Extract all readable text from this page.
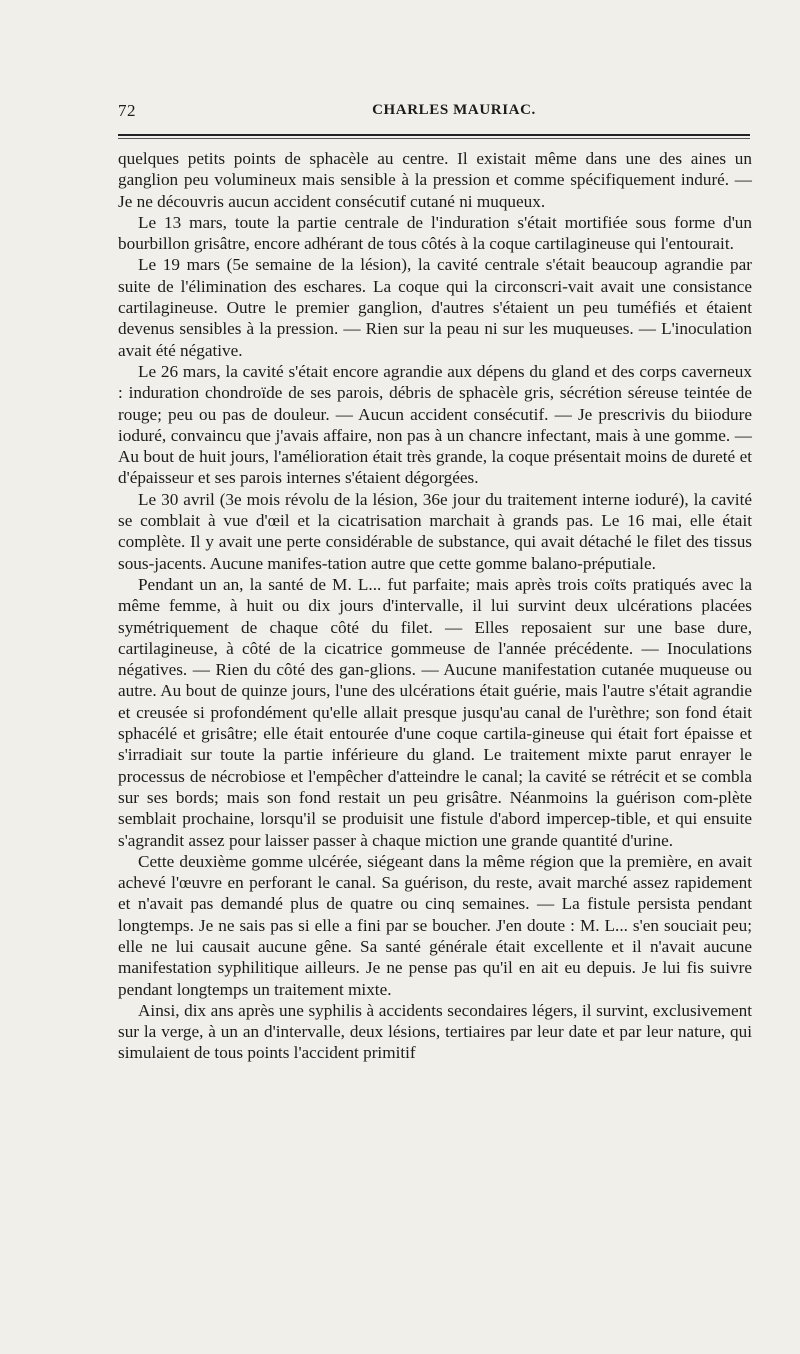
72	CHARLES MAURIAC.

quelques petits points de sphacèle au centre. Il existait même dans une des aines un ganglion peu volumineux mais sensible à la pression et comme spécifiquement induré. — Je ne découvris aucun accident consécutif cutané ni muqueux.

Le 13 mars, toute la partie centrale de l'induration s'était mortifiée sous forme d'un bourbillon grisâtre, encore adhérant de tous côtés à la coque cartilagineuse qui l'entourait.

Le 19 mars (5e semaine de la lésion), la cavité centrale s'était beaucoup agrandie par suite de l'élimination des eschares. La coque qui la circonscri-vait avait une consistance cartilagineuse. Outre le premier ganglion, d'autres s'étaient un peu tuméfiés et étaient devenus sensibles à la pression. — Rien sur la peau ni sur les muqueuses. — L'inoculation avait été négative.

Le 26 mars, la cavité s'était encore agrandie aux dépens du gland et des corps caverneux : induration chondroïde de ses parois, débris de sphacèle gris, sécrétion séreuse teintée de rouge; peu ou pas de douleur. — Aucun accident consécutif. — Je prescrivis du biiodure ioduré, convaincu que j'avais affaire, non pas à un chancre infectant, mais à une gomme. — Au bout de huit jours, l'amélioration était très grande, la coque présentait moins de dureté et d'épaisseur et ses parois internes s'étaient dégorgées.

Le 30 avril (3e mois révolu de la lésion, 36e jour du traitement interne ioduré), la cavité se comblait à vue d'œil et la cicatrisation marchait à grands pas. Le 16 mai, elle était complète. Il y avait une perte considérable de substance, qui avait détaché le filet des tissus sous-jacents. Aucune manifes-tation autre que cette gomme balano-préputiale.

Pendant un an, la santé de M. L... fut parfaite; mais après trois coïts pratiqués avec la même femme, à huit ou dix jours d'intervalle, il lui survint deux ulcérations placées symétriquement de chaque côté du filet. — Elles reposaient sur une base dure, cartilagineuse, à côté de la cicatrice gommeuse de l'année précédente. — Inoculations négatives. — Rien du côté des gan-glions. — Aucune manifestation cutanée muqueuse ou autre. Au bout de quinze jours, l'une des ulcérations était guérie, mais l'autre s'était agrandie et creusée si profondément qu'elle allait presque jusqu'au canal de l'urèthre; son fond était sphacélé et grisâtre; elle était entourée d'une coque cartila-gineuse qui était fort épaisse et s'irradiait sur toute la partie inférieure du gland. Le traitement mixte parut enrayer le processus de nécrobiose et l'empêcher d'atteindre le canal; la cavité se rétrécit et se combla sur ses bords; mais son fond restait un peu grisâtre. Néanmoins la guérison com-plète semblait prochaine, lorsqu'il se produisit une fistule d'abord impercep-tible, et qui ensuite s'agrandit assez pour laisser passer à chaque miction une grande quantité d'urine.

Cette deuxième gomme ulcérée, siégeant dans la même région que la première, en avait achevé l'œuvre en perforant le canal. Sa guérison, du reste, avait marché assez rapidement et n'avait pas demandé plus de quatre ou cinq semaines. — La fistule persista pendant longtemps. Je ne sais pas si elle a fini par se boucher. J'en doute : M. L... s'en souciait peu; elle ne lui causait aucune gêne. Sa santé générale était excellente et il n'avait aucune manifestation syphilitique ailleurs. Je ne pense pas qu'il en ait eu depuis. Je lui fis suivre pendant longtemps un traitement mixte.

Ainsi, dix ans après une syphilis à accidents secondaires légers, il survint, exclusivement sur la verge, à un an d'intervalle, deux lésions, tertiaires par leur date et par leur nature, qui simulaient de tous points l'accident primitif
